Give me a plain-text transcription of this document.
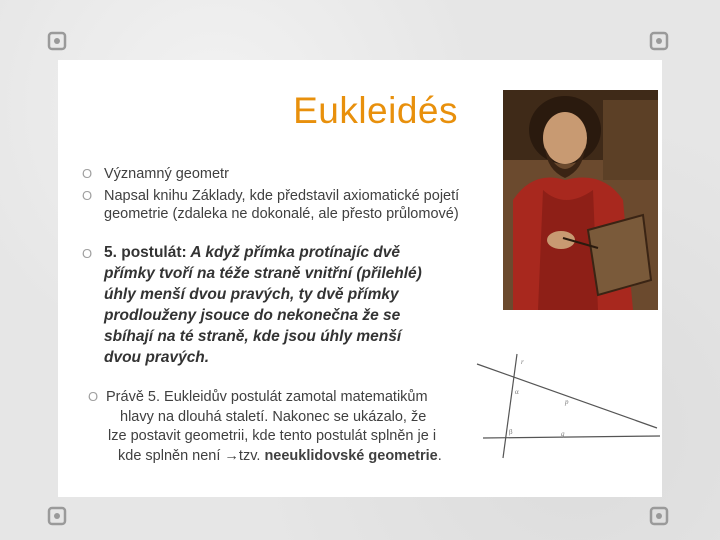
Eukleidés
O Významný geometr
O Napsal knihu Základy, kde představil axiomatické pojetí geometrie (zdaleka ne dokonalé, ale přesto průlomové)
O 5. postulát: A když přímka protínajíc dvě
přímky tvoří na téže straně vnitřní (přilehlé)
úhly menší dvou pravých, ty dvě přímky
prodlouženy jsouce do nekonečna že se
sbíhají na té straně, kde jsou úhly menší
dvou pravých.
O Právě 5. Eukleidův postulát zamotal matematikům
hlavy na dlouhá staletí. Nakonec se ukázalo, že
lze postavit geometrii, kde tento postulát splněn je i
kde splněn není →tzv. neeuklidovské geometrie.
r
p
q
α
β
